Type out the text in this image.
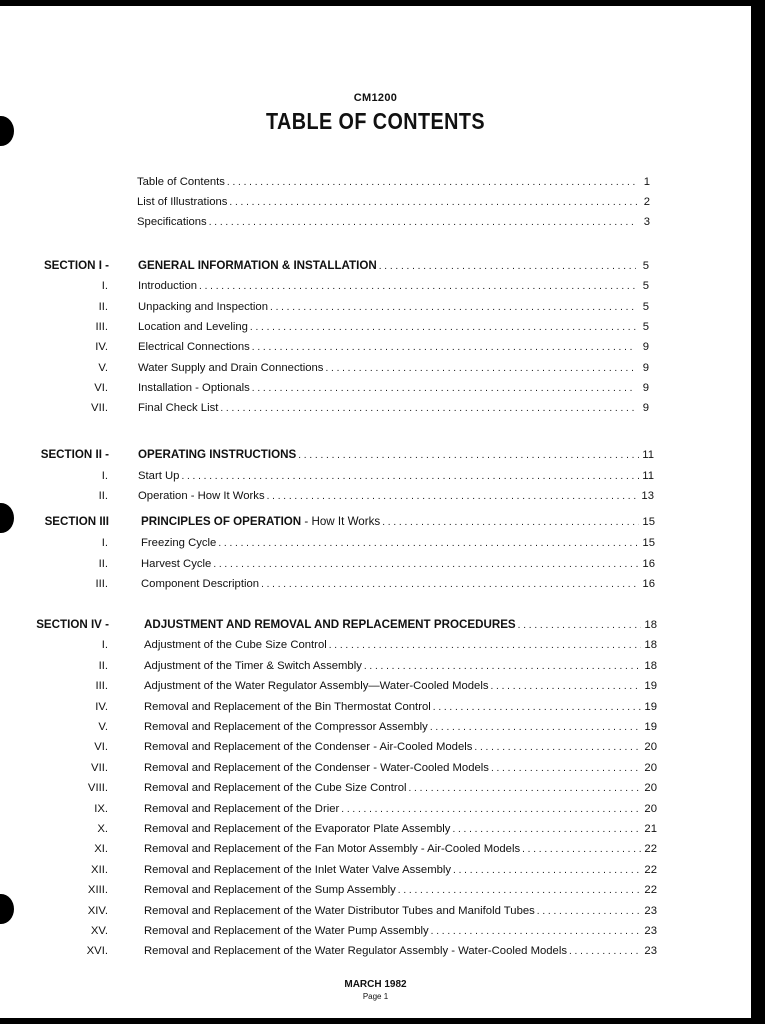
CM1200
TABLE OF CONTENTS
Table of Contents . . .	1
List of Illustrations . . .	2
Specifications . . .	3
SECTION I -	GENERAL INFORMATION & INSTALLATION . . .	5
I.	Introduction . . .	5
II.	Unpacking and Inspection . . .	5
III.	Location and Leveling . . .	5
IV.	Electrical Connections . . .	9
V.	Water Supply and Drain Connections . . .	9
VI.	Installation - Optionals . . .	9
VII.	Final Check List . . .	9
SECTION II -	OPERATING INSTRUCTIONS . . .	11
I.	Start Up . . .	11
II.	Operation - How It Works . . .	13
SECTION III	PRINCIPLES OF OPERATION - How It Works . . .	15
I.	Freezing Cycle . . .	15
II.	Harvest Cycle . . .	16
III.	Component Description . . .	16
SECTION IV -	ADJUSTMENT AND REMOVAL AND REPLACEMENT PROCEDURES . . .	18
I.	Adjustment of the Cube Size Control . . .	18
II.	Adjustment of the Timer & Switch Assembly . . .	18
III.	Adjustment of the Water Regulator Assembly—Water-Cooled Models . . .	19
IV.	Removal and Replacement of the Bin Thermostat Control . . .	19
V.	Removal and Replacement of the Compressor Assembly . . .	19
VI.	Removal and Replacement of the Condenser - Air-Cooled Models . . .	20
VII.	Removal and Replacement of the Condenser - Water-Cooled Models . . .	20
VIII.	Removal and Replacement of the Cube Size Control . . .	20
IX.	Removal and Replacement of the Drier . . .	20
X.	Removal and Replacement of the Evaporator Plate Assembly . . .	21
XI.	Removal and Replacement of the Fan Motor Assembly - Air-Cooled Models . . .	22
XII.	Removal and Replacement of the Inlet Water Valve Assembly . . .	22
XIII.	Removal and Replacement of the Sump Assembly . . .	22
XIV.	Removal and Replacement of the Water Distributor Tubes and Manifold Tubes . . .	23
XV.	Removal and Replacement of the Water Pump Assembly . . .	23
XVI.	Removal and Replacement of the Water Regulator Assembly - Water-Cooled Models . . .	23
MARCH 1982
Page 1
